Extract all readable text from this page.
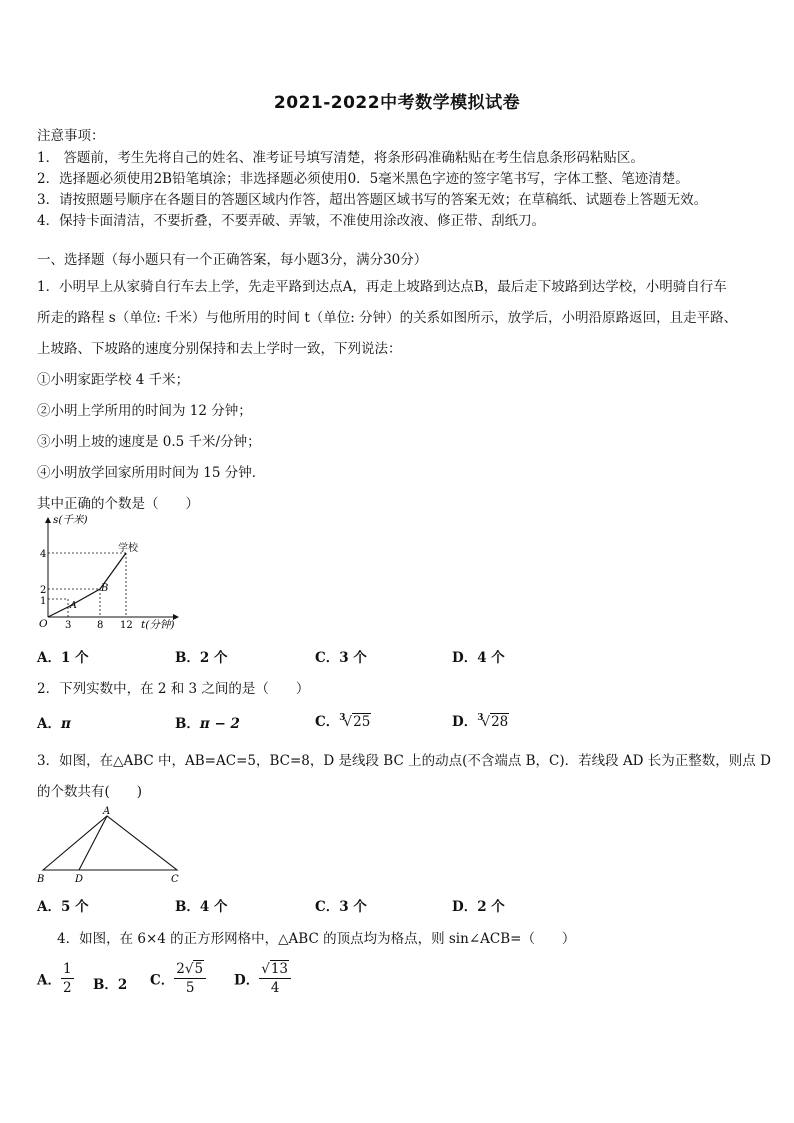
2021-2022中考数学模拟试卷
注意事项：
1． 答题前，考生先将自己的姓名、准考证号填写清楚，将条形码准确粘贴在考生信息条形码粘贴区。
2．选择题必须使用2B铅笔填涂；非选择题必须使用0．5毫米黑色字迹的签字笔书写，字体工整、笔迹清楚。
3．请按照题号顺序在各题目的答题区域内作答，超出答题区域书写的答案无效；在草稿纸、试题卷上答题无效。
4．保持卡面清洁，不要折叠，不要弄破、弄皱，不准使用涂改液、修正带、刮纸刀。
一、选择题（每小题只有一个正确答案，每小题3分，满分30分）
1．小明早上从家骑自行车去上学，先走平路到达点A，再走上坡路到达点B，最后走下坡路到达学校，小明骑自行车
所走的路程 s（单位: 千米）与他所用的时间 t（单位: 分钟）的关系如图所示，放学后，小明沿原路返回，且走平路、
上坡路、下坡路的速度分别保持和去上学时一致，下列说法：
①小明家距学校 4 千米；
②小明上学所用的时间为 12 分钟；
③小明上坡的速度是 0.5 千米/分钟；
④小明放学回家所用时间为 15 分钟．
其中正确的个数是（　　）
s(千米)
t(分钟)
O
4
2
1
3	8 12
A
B
学校
A．1 个	B．2 个	C．3 个	D．4 个
2．下列实数中，在 2 和 3 之间的是（　　）
A．π	B．π − 2	C．$^3$√25	D．$^3$√28
3．如图，在△ABC 中，AB=AC=5，BC=8，D 是线段 BC 上的动点(不含端点 B，C)．若线段 AD 长为正整数，则点 D
的个数共有(　　)
A
B	D	C
A．5 个	B．4 个	C．3 个	D．2 个
4．如图，在 6×4 的正方形网格中，△ABC 的顶点均为格点，则 sin∠ACB=（　　）
A． $\frac{1}{2}$ B．2 C． $\frac{2√5}{5}$ D． $\frac{√13}{4}$
